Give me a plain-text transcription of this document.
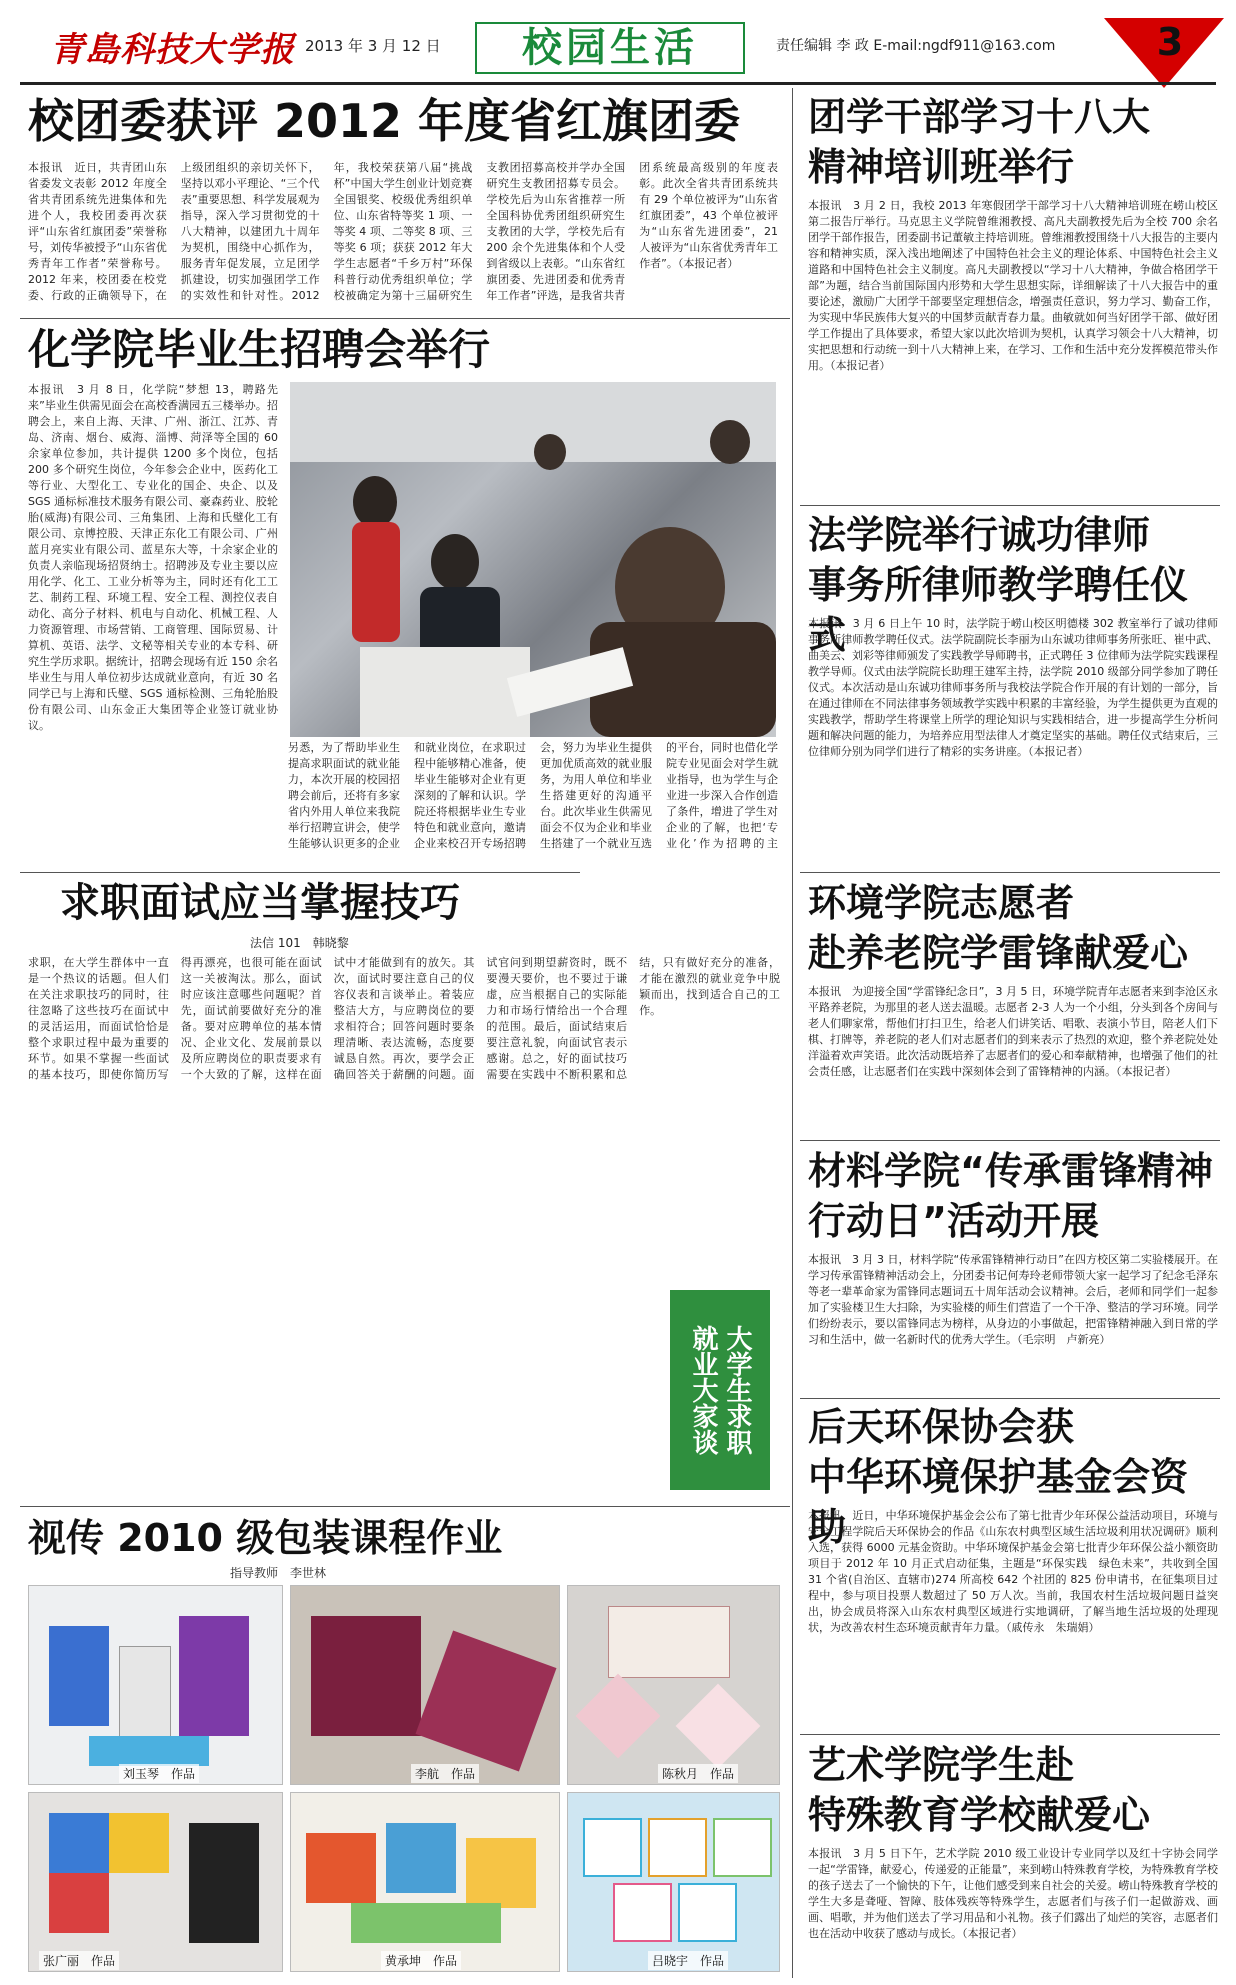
青島科技大学报 2013 年 3 月 12 日	校园生活	责任编辑 李 政 E-mail:ngdf911@163.com	3
校团委获评 2012 年度省红旗团委
本报讯　近日，共青团山东省委发文表彰 2012 年度全省共青团系统先进集体和先进个人，我校团委再次获评“山东省红旗团委”荣誉称号，刘传华被授予“山东省优秀青年工作者”荣誉称号。2012 年来，校团委在校党委、行政的正确领导下，在上级团组织的亲切关怀下，坚持以邓小平理论、“三个代表”重要思想、科学发展观为指导，深入学习贯彻党的十八大精神，以建团九十周年为契机，围绕中心抓作为，服务青年促发展，立足团学抓建设，切实加强团学工作的实效性和针对性。2012 年，我校荣获第八届“挑战杯”中国大学生创业计划竞赛全国银奖、校级优秀组织单位、山东省特等奖 1 项、一等奖 4 项、二等奖 8 项、三等奖 6 项；获获 2012 年大学生志愿者“千乡万村”环保科普行动优秀组织单位；学校被确定为第十三届研究生支教团招募高校并学办全国研究生支教团招募专员会。学校先后为山东省推荐一所全国科协优秀团组织研究生支教团的大学，学校先后有 200 余个先进集体和个人受到省级以上表彰。“山东省红旗团委、先进团委和优秀青年工作者”评选，是我省共青团系统最高级别的年度表彰。此次全省共青团系统共有 29 个单位被评为“山东省红旗团委”，43 个单位被评为“山东省先进团委”，21 人被评为“山东省优秀青年工作者”。（本报记者）
化学院毕业生招聘会举行
本报讯　3 月 8 日，化学院“梦想 13，聘路先来”毕业生供需见面会在高校香满园五三楼举办。招聘会上，来自上海、天津、广州、浙江、江苏、青岛、济南、烟台、威海、淄博、菏泽等全国的 60 余家单位参加，共计提供 1200 多个岗位，包括 200 多个研究生岗位，今年参会企业中，医药化工等行业、大型化工、专业化的国企、央企、以及 SGS 通标标准技术服务有限公司、豪森药业、胶轮胎(威海)有限公司、三角集团、上海和氏璧化工有限公司、京博控股、天津正东化工有限公司、广州蓝月亮实业有限公司、蓝星东大等，十余家企业的负责人亲临现场招贤纳士。招聘涉及专业主要以应用化学、化工、工业分析等为主，同时还有化工工艺、制药工程、环境工程、安全工程、测控仪表自动化、高分子材料、机电与自动化、机械工程、人力资源管理、市场营销、工商管理、国际贸易、计算机、英语、法学、文秘等相关专业的本专科、研究生学历求职。据统计，招聘会现场有近 150 余名毕业生与用人单位初步达成就业意向，有近 30 名同学已与上海和氏璧、SGS 通标检测、三角轮胎股份有限公司、山东金正大集团等企业签订就业协议。
另悉，为了帮助毕业生提高求职面试的就业能力，本次开展的校园招聘会前后，还将有多家省内外用人单位来我院举行招聘宣讲会，使学生能够认识更多的企业和就业岗位，在求职过程中能够精心准备，使毕业生能够对企业有更深刻的了解和认识。学院还将根据毕业生专业特色和就业意向，邀请企业来校召开专场招聘会，努力为毕业生提供更加优质高效的就业服务，为用人单位和毕业生搭建更好的沟通平台。此次毕业生供需见面会不仅为企业和毕业生搭建了一个就业互选的平台，同时也借化学院专业见面会对学生就业指导，也为学生与企业进一步深入合作创造了条件，增进了学生对企业的了解，也把‘专业化’作为招聘的主
求职面试应当掌握技巧
法信 101　韩晓黎
求职，在大学生群体中一直是一个热议的话题。但人们在关注求职技巧的同时，往往忽略了这些技巧在面试中的灵活运用，而面试恰恰是整个求职过程中最为重要的环节。如果不掌握一些面试的基本技巧，即使你简历写得再漂亮，也很可能在面试这一关被淘汰。那么，面试时应该注意哪些问题呢？首先，面试前要做好充分的准备。要对应聘单位的基本情况、企业文化、发展前景以及所应聘岗位的职责要求有一个大致的了解，这样在面试中才能做到有的放矢。其次，面试时要注意自己的仪容仪表和言谈举止。着装应整洁大方，与应聘岗位的要求相符合；回答问题时要条理清晰、表达流畅，态度要诚恳自然。再次，要学会正确回答关于薪酬的问题。面试官问到期望薪资时，既不要漫天要价，也不要过于谦虚，应当根据自己的实际能力和市场行情给出一个合理的范围。最后，面试结束后要注意礼貌，向面试官表示感谢。总之，好的面试技巧需要在实践中不断积累和总结，只有做好充分的准备，才能在激烈的就业竞争中脱颖而出，找到适合自己的工作。
就业大家谈 大学生求职
视传 2010 级包装课程作业
指导教师　李世林
刘玉琴　作品	李航　作品	陈秋月　作品
张广丽　作品	黄承坤　作品	吕晓宇　作品
团学干部学习十八大
精神培训班举行
本报讯　3 月 2 日，我校 2013 年寒假团学干部学习十八大精神培训班在崂山校区第二报告厅举行。马克思主义学院曾维湘教授、高凡夫副教授先后为全校 700 余名团学干部作报告，团委副书记董敏主持培训班。曾维湘教授围绕十八大报告的主要内容和精神实质，深入浅出地阐述了中国特色社会主义的理论体系、中国特色社会主义道路和中国特色社会主义制度。高凡夫副教授以“学习十八大精神，争做合格团学干部”为题，结合当前国际国内形势和大学生思想实际，详细解读了十八大报告中的重要论述，激励广大团学干部要坚定理想信念，增强责任意识，努力学习、勤奋工作，为实现中华民族伟大复兴的中国梦贡献青春力量。曲敏就如何当好团学干部、做好团学工作提出了具体要求，希望大家以此次培训为契机，认真学习领会十八大精神，切实把思想和行动统一到十八大精神上来，在学习、工作和生活中充分发挥模范带头作用。（本报记者）
法学院举行诚功律师
事务所律师教学聘任仪式
本报讯　3 月 6 日上午 10 时，法学院于崂山校区明德楼 302 教室举行了诚功律师事务所律师教学聘任仪式。法学院副院长李丽为山东诚功律师事务所张旺、崔中武、曲美云、刘彩等律师颁发了实践教学导师聘书，正式聘任 3 位律师为法学院实践课程教学导师。仪式由法学院院长助理王建军主持，法学院 2010 级部分同学参加了聘任仪式。本次活动是山东诚功律师事务所与我校法学院合作开展的有计划的一部分，旨在通过律师在不同法律事务领域教学实践中积累的丰富经验，为学生提供更为直观的实践教学，帮助学生将课堂上所学的理论知识与实践相结合，进一步提高学生分析问题和解决问题的能力，为培养应用型法律人才奠定坚实的基础。聘任仪式结束后，三位律师分别为同学们进行了精彩的实务讲座。（本报记者）
环境学院志愿者
赴养老院学雷锋献爱心
本报讯　为迎接全国“学雷锋纪念日”，3 月 5 日，环境学院青年志愿者来到李沧区永平路养老院，为那里的老人送去温暖。志愿者 2-3 人为一个小组，分头到各个房间与老人们聊家常，帮他们打扫卫生，给老人们讲笑话、唱歌、表演小节目，陪老人们下棋、打牌等，养老院的老人们对志愿者们的到来表示了热烈的欢迎，整个养老院处处洋溢着欢声笑语。此次活动既培养了志愿者们的爱心和奉献精神，也增强了他们的社会责任感，让志愿者们在实践中深刻体会到了雷锋精神的内涵。（本报记者）
材料学院“传承雷锋精神
行动日”活动开展
本报讯　3 月 3 日，材料学院“传承雷锋精神行动日”在四方校区第二实验楼展开。在学习传承雷锋精神活动会上，分团委书记何寿玲老师带领大家一起学习了纪念毛泽东等老一辈革命家为雷锋同志题词五十周年活动会议精神。会后，老师和同学们一起参加了实验楼卫生大扫除，为实验楼的师生们营造了一个干净、整洁的学习环境。同学们纷纷表示，要以雷锋同志为榜样，从身边的小事做起，把雷锋精神融入到日常的学习和生活中，做一名新时代的优秀大学生。（毛宗明　卢新亮）
后天环保协会获
中华环境保护基金会资助
本报讯　近日，中华环境保护基金会公布了第七批青少年环保公益活动项目，环境与安全工程学院后天环保协会的作品《山东农村典型区域生活垃圾利用状况调研》顺利入选，获得 6000 元基金资助。中华环境保护基金会第七批青少年环保公益小额资助项目于 2012 年 10 月正式启动征集，主题是“环保实践　绿色未来”，共收到全国 31 个省(自治区、直辖市)274 所高校 642 个社团的 825 份申请书，在征集项目过程中，参与项目投票人数超过了 50 万人次。当前，我国农村生活垃圾问题日益突出，协会成员将深入山东农村典型区域进行实地调研，了解当地生活垃圾的处理现状，为改善农村生态环境贡献青年力量。（戚传永　朱瑞娟）
艺术学院学生赴
特殊教育学校献爱心
本报讯　3 月 5 日下午，艺术学院 2010 级工业设计专业同学以及红十字协会同学一起“学雷锋，献爱心，传递爱的正能量”，来到崂山特殊教育学校，为特殊教育学校的孩子送去了一个愉快的下午，让他们感受到来自社会的关爱。崂山特殊教育学校的学生大多是聋哑、智障、肢体残疾等特殊学生，志愿者们与孩子们一起做游戏、画画、唱歌，并为他们送去了学习用品和小礼物。孩子们露出了灿烂的笑容，志愿者们也在活动中收获了感动与成长。（本报记者）
